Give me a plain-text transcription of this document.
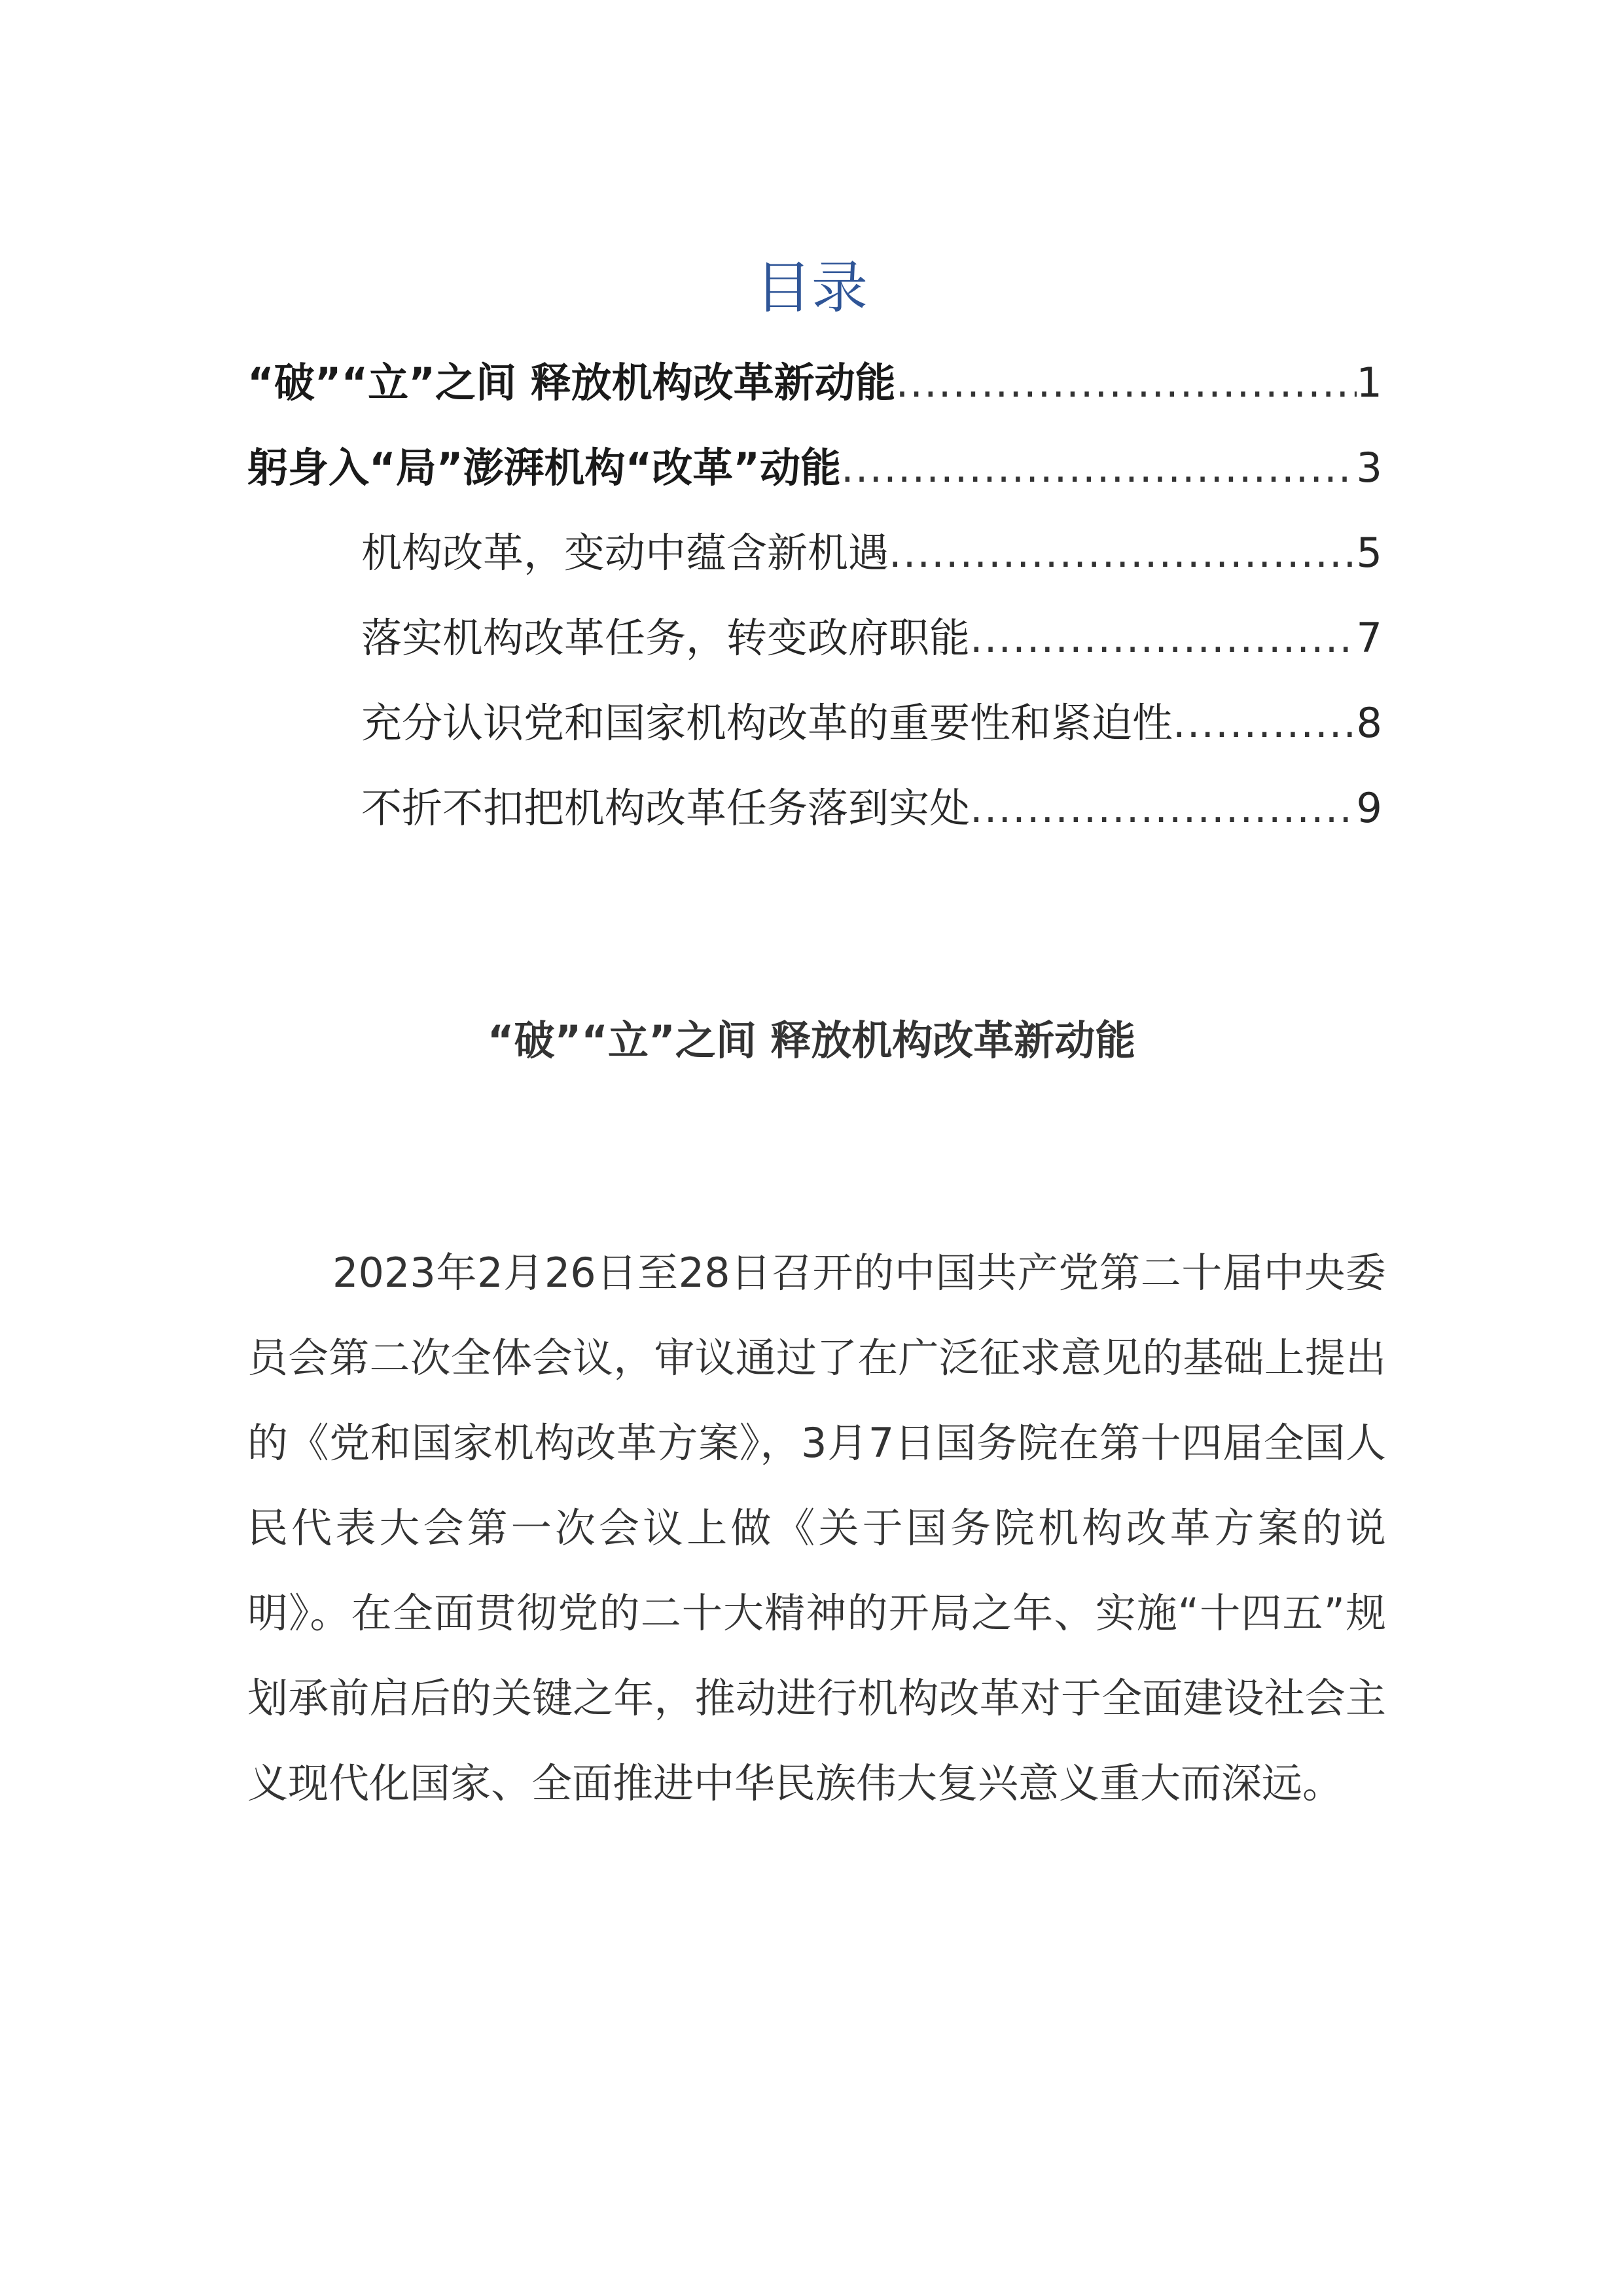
目录
“破”“立”之间 释放机构改革新动能 .....	1
躬身入“局”澎湃机构“改革”动能 .....	3
机构改革，变动中蕴含新机遇 .....	5
落实机构改革任务，转变政府职能 .....	7
充分认识党和国家机构改革的重要性和紧迫性 .....	8
不折不扣把机构改革任务落到实处 .....	9
“破”“立”之间 释放机构改革新动能

2023年2月26日至28日召开的中国共产党第二十届中央委员会第二次全体会议，审议通过了在广泛征求意见的基础上提出的《党和国家机构改革方案》，3月7日国务院在第十四届全国人民代表大会第一次会议上做《关于国务院机构改革方案的说明》。在全面贯彻党的二十大精神的开局之年、实施“十四五”规划承前启后的关键之年，推动进行机构改革对于全面建设社会主义现代化国家、全面推进中华民族伟大复兴意义重大而深远。
